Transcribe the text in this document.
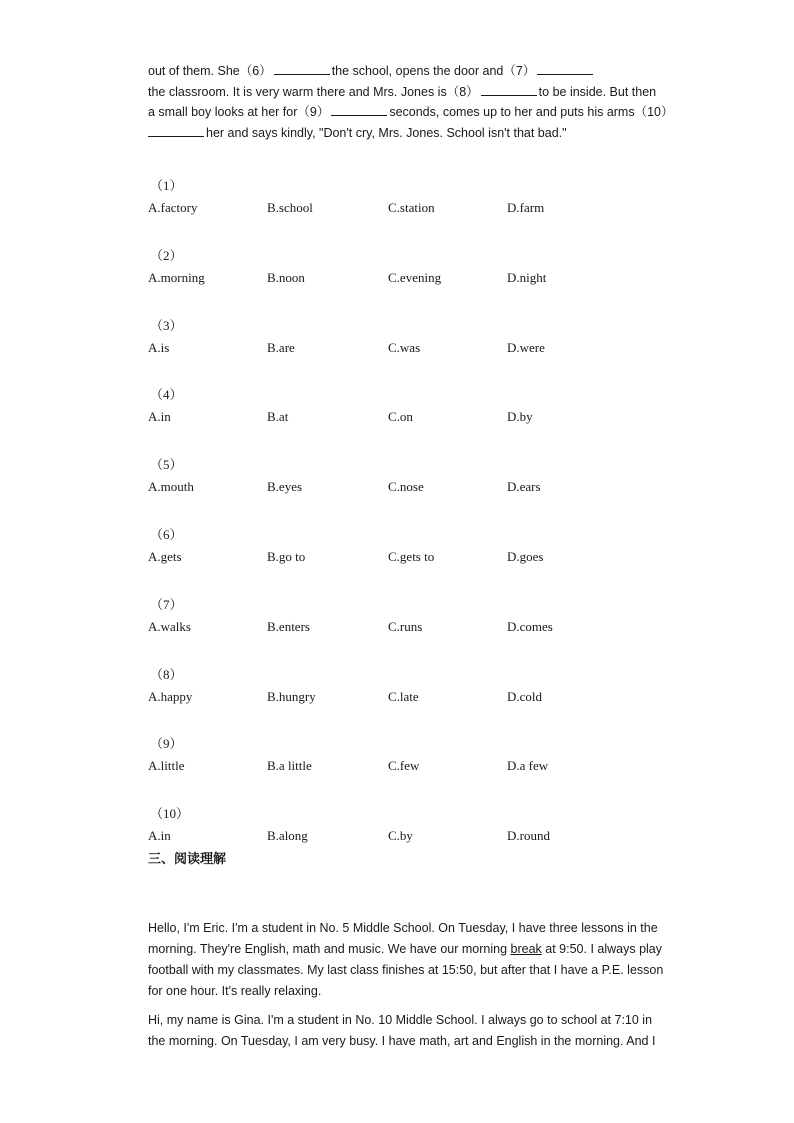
out of them. She（6）	the school, opens the door and（7）
the classroom. It is very warm there and Mrs. Jones is（8）	to be inside. But then
a small boy looks at her for（9）	seconds, comes up to her and puts his arms（10）
her and says kindly, "Don't cry, Mrs. Jones. School isn't that bad."
（1）
A.factory	B.school	C.station	D.farm
（2）
A.morning	B.noon	C.evening	D.night
（3）
A.is	B.are	C.was	D.were
（4）
A.in	B.at	C.on	D.by
（5）
A.mouth	B.eyes	C.nose	D.ears
（6）
A.gets	B.go to	C.gets to	D.goes
（7）
A.walks	B.enters	C.runs	D.comes
（8）
A.happy	B.hungry	C.late	D.cold
（9）
A.little	B.a little	C.few	D.a few
（10）
A.in	B.along	C.by	D.round
三、阅读理解

Hello, I'm Eric. I'm a student in No. 5 Middle School. On Tuesday, I have three lessons in the
morning. They're English, math and music. We have our morning break at 9:50. I always play
football with my classmates. My last class finishes at 15:50, but after that I have a P.E. lesson
for one hour. It's really relaxing.

Hi, my name is Gina. I'm a student in No. 10 Middle School. I always go to school at 7:10 in
the morning. On Tuesday, I am very busy. I have math, art and English in the morning. And I
